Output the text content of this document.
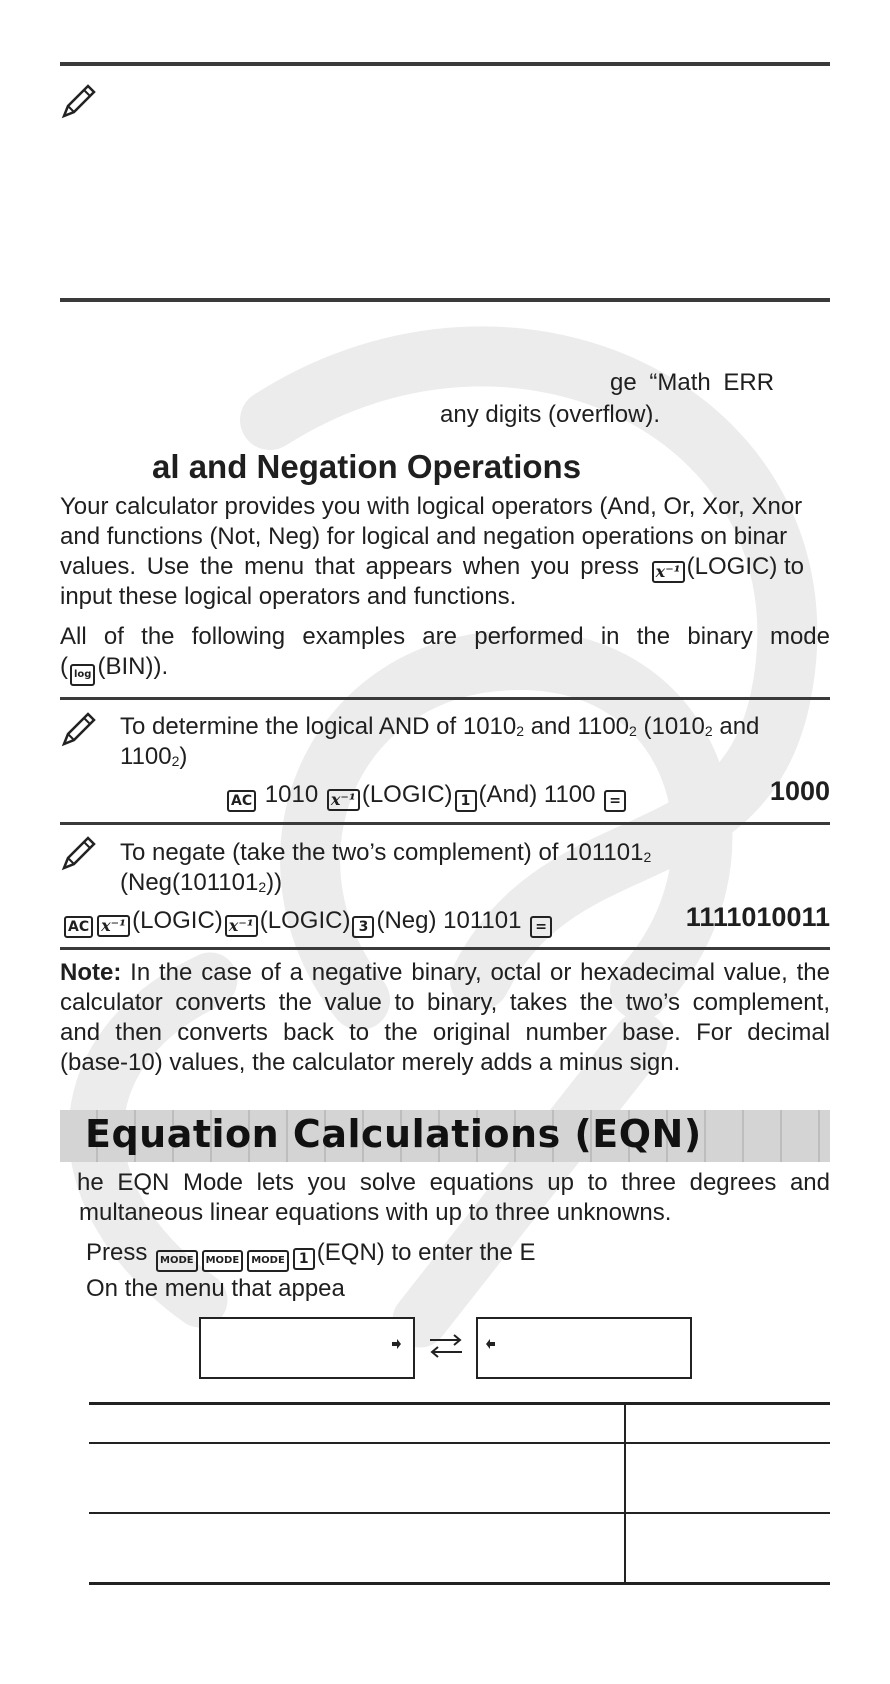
ge “Math ERR
any digits (overflow).
al and Negation Operations
Your calculator provides you with logical operators (And, Or, Xor, Xnor
and functions (Not, Neg) for logical and negation operations on binar
values. Use the menu that appears when you press x⁻¹ (LOGIC) to
input these logical operators and functions.
All of the following examples are performed in the binary mode
( log (BIN)).
To determine the logical AND of 10102 and 11002 (10102 and
11002)
AC 1010 x⁻¹ (LOGIC) 1 (And) 1100 =	1000
To negate (take the two’s complement) of 1011012
(Neg(1011012))
AC x⁻¹ (LOGIC) x⁻¹ (LOGIC) 3 (Neg) 101101 =	1111010011
Note: In the case of a negative binary, octal or hexadecimal value, the
calculator converts the value to binary, takes the two’s complement,
and then converts back to the original number base. For decimal
(base-10) values, the calculator merely adds a minus sign.
Equation Calculations (EQN)
he EQN Mode lets you solve equations up to three degrees and
multaneous linear equations with up to three unknowns.
Press MODE MODE MODE 1 (EQN) to enter the E
On the menu that appea
